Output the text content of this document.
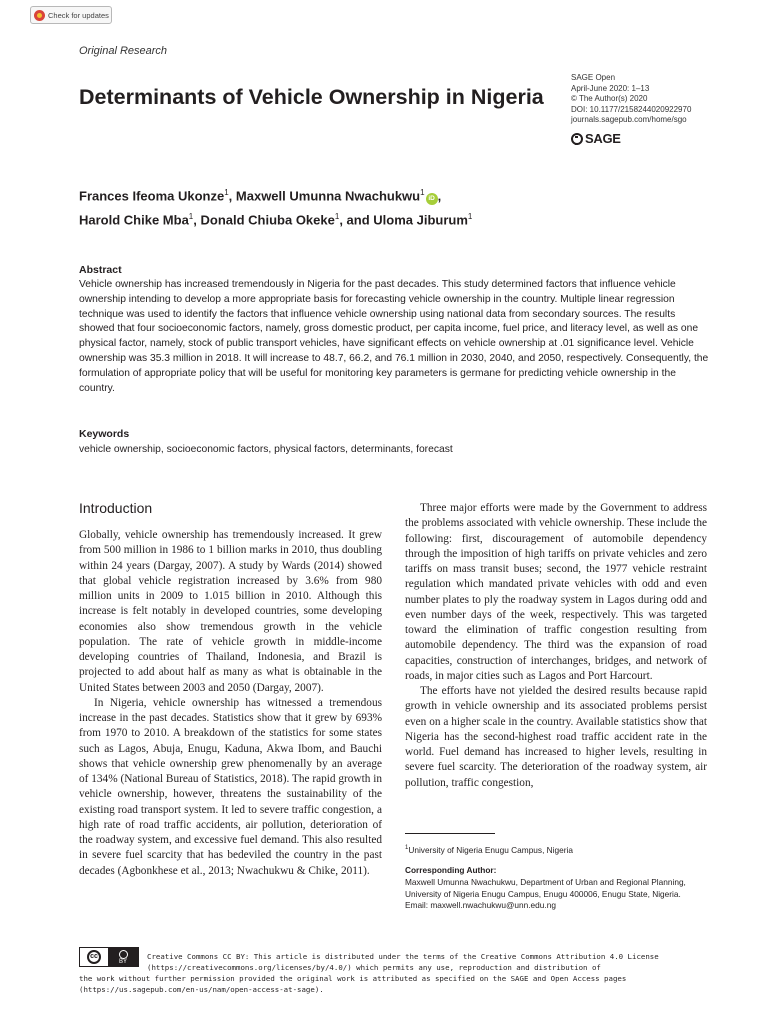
Check for updates
Original Research
Determinants of Vehicle Ownership in Nigeria
SAGE Open
April-June 2020: 1–13
© The Author(s) 2020
DOI: 10.1177/2158244020922970
journals.sagepub.com/home/sgo
SAGE
Frances Ifeoma Ukonze$^1$, Maxwell Umunna Nwachukwu$^1$iD ,
Harold Chike Mba$^1$, Donald Chiuba Okeke$^1$, and Uloma Jiburum$^1$
Abstract

Vehicle ownership has increased tremendously in Nigeria for the past decades. This study determined factors that influence vehicle ownership intending to develop a more appropriate basis for forecasting vehicle ownership in the country. Multiple linear regression technique was used to identify the factors that influence vehicle ownership using national data from secondary sources. The results showed that four socioeconomic factors, namely, gross domestic product, per capita income, fuel price, and literacy level, as well as one physical factor, namely, stock of public transport vehicles, have significant effects on vehicle ownership at .01 significance level. Vehicle ownership was 35.3 million in 2018. It will increase to 48.7, 66.2, and 76.1 million in 2030, 2040, and 2050, respectively. Consequently, the formulation of appropriate policy that will be useful for monitoring key parameters is germane for predicting vehicle ownership in the country.

Keywords

vehicle ownership, socioeconomic factors, physical factors, determinants, forecast

Introduction

Globally, vehicle ownership has tremendously increased. It grew from 500 million in 1986 to 1 billion marks in 2010, thus doubling within 24 years (Dargay, 2007). A study by Wards (2014) showed that global vehicle registration increased by 3.6% from 980 million units in 2009 to 1.015 billion in 2010. Although this increase is felt notably in developed countries, some developing economies also show tremendous growth in the vehicle population. The rate of vehicle growth in middle-income developing countries of Thailand, Indonesia, and Brazil is projected to add about half as many as what is obtainable in the United States between 2003 and 2050 (Dargay, 2007).

In Nigeria, vehicle ownership has witnessed a tremendous increase in the past decades. Statistics show that it grew by 693% from 1970 to 2010. A breakdown of the statistics for some states such as Lagos, Abuja, Enugu, Kaduna, Akwa Ibom, and Bauchi shows that vehicle ownership grew phenomenally by an average of 134% (National Bureau of Statistics, 2018). The rapid growth in vehicle ownership, however, threatens the sustainability of the existing road transport system. It led to severe traffic congestion, a high rate of road traffic accidents, air pollution, deterioration of the roadway system, and excessive fuel demand. This also resulted in severe fuel scarcity that has bedeviled the country in the past decades (Agbonkhese et al., 2013; Nwachukwu & Chike, 2011).

Three major efforts were made by the Government to address the problems associated with vehicle ownership. These include the following: first, discouragement of automobile dependency through the imposition of high tariffs on private vehicles and zero tariffs on mass transit buses; second, the 1977 vehicle restraint regulation which mandated private vehicles with odd and even number plates to ply the roadway system in Lagos during odd and even number days of the week, respectively. This was targeted toward the elimination of traffic congestion resulting from automobile dependency. The third was the expansion of road capacities, construction of interchanges, bridges, and network of roads, in major cities such as Lagos and Port Harcourt.

The efforts have not yielded the desired results because rapid growth in vehicle ownership and its associated problems persist even on a higher scale in the country. Available statistics show that Nigeria has the second-highest road traffic accident rate in the world. Fuel demand has increased to higher levels, resulting in severe fuel scarcity. The deterioration of the roadway system, air pollution, traffic congestion,

$^1$University of Nigeria Enugu Campus, Nigeria
Corresponding Author:
Maxwell Umunna Nwachukwu, Department of Urban and Regional Planning, University of Nigeria Enugu Campus, Enugu 400006, Enugu State, Nigeria.
Email: maxwell.nwachukwu@unn.edu.ng
cc
BY
Creative Commons CC BY: This article is distributed under the terms of the Creative Commons Attribution 4.0 License
(https://creativecommons.org/licenses/by/4.0/) which permits any use, reproduction and distribution of
the work without further permission provided the original work is attributed as specified on the SAGE and Open Access pages
(https://us.sagepub.com/en-us/nam/open-access-at-sage).
